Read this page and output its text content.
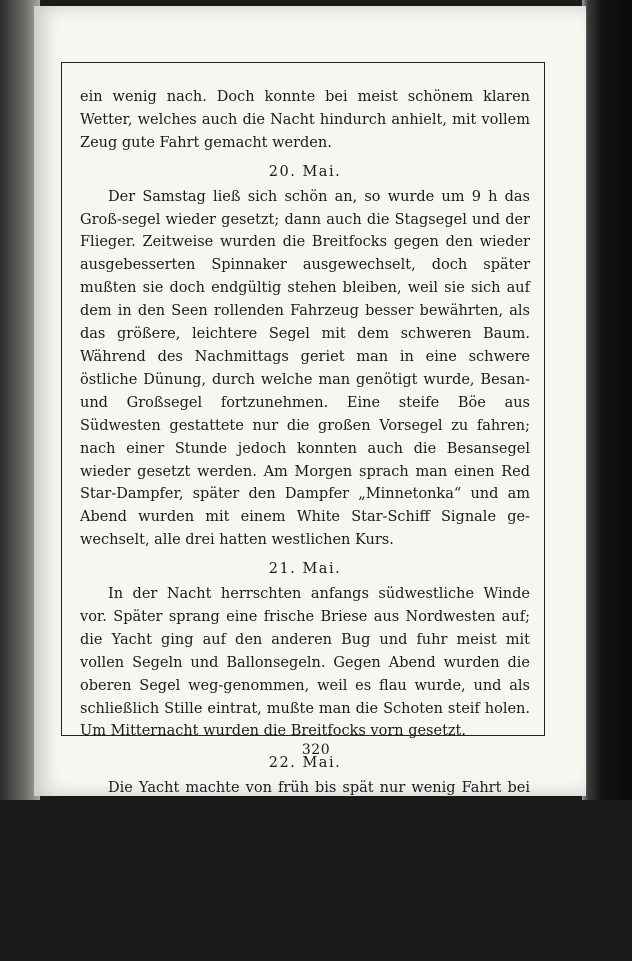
ein wenig nach. Doch konnte bei meist schönem klaren Wetter, welches auch die Nacht hindurch anhielt, mit vollem Zeug gute Fahrt gemacht werden.

20. Mai.

Der Samstag ließ sich schön an, so wurde um 9 h das Groß-segel wieder gesetzt; dann auch die Stagsegel und der Flieger. Zeitweise wurden die Breitfocks gegen den wieder ausgebesserten Spinnaker ausgewechselt, doch später mußten sie doch endgültig stehen bleiben, weil sie sich auf dem in den Seen rollenden Fahrzeug besser bewährten, als das größere, leichtere Segel mit dem schweren Baum. Während des Nachmittags geriet man in eine schwere östliche Dünung, durch welche man genötigt wurde, Besan- und Großsegel fortzunehmen. Eine steife Böe aus Südwesten gestattete nur die großen Vorsegel zu fahren; nach einer Stunde jedoch konnten auch die Besansegel wieder gesetzt werden. Am Morgen sprach man einen Red Star-Dampfer, später den Dampfer „Minnetonka“ und am Abend wurden mit einem White Star-Schiff Signale ge-wechselt, alle drei hatten westlichen Kurs.

21. Mai.

In der Nacht herrschten anfangs südwestliche Winde vor. Später sprang eine frische Briese aus Nordwesten auf; die Yacht ging auf den anderen Bug und fuhr meist mit vollen Segeln und Ballonsegeln. Gegen Abend wurden die oberen Segel weg-genommen, weil es flau wurde, und als schließlich Stille eintrat, mußte man die Schoten steif holen. Um Mitternacht wurden die Breitfocks vorn gesetzt.

22. Mai.

Die Yacht machte von früh bis spät nur wenig Fahrt bei leichten, südlichen Winden unter vollem Zeug mit Toppsegeln, Stagsegeln und Flieger. An Stelle des Großsegels, welches die schwache Briese nicht füllte, wurde Ballon-Großstengetoppsegel mit gutem Erfolg gefahren. Dann wurde es diesig und dunkel, der Wind kam in Stößen und ein Eisberg wurde gegen 10 Uhr eine Meile in Lee passiert.

320
